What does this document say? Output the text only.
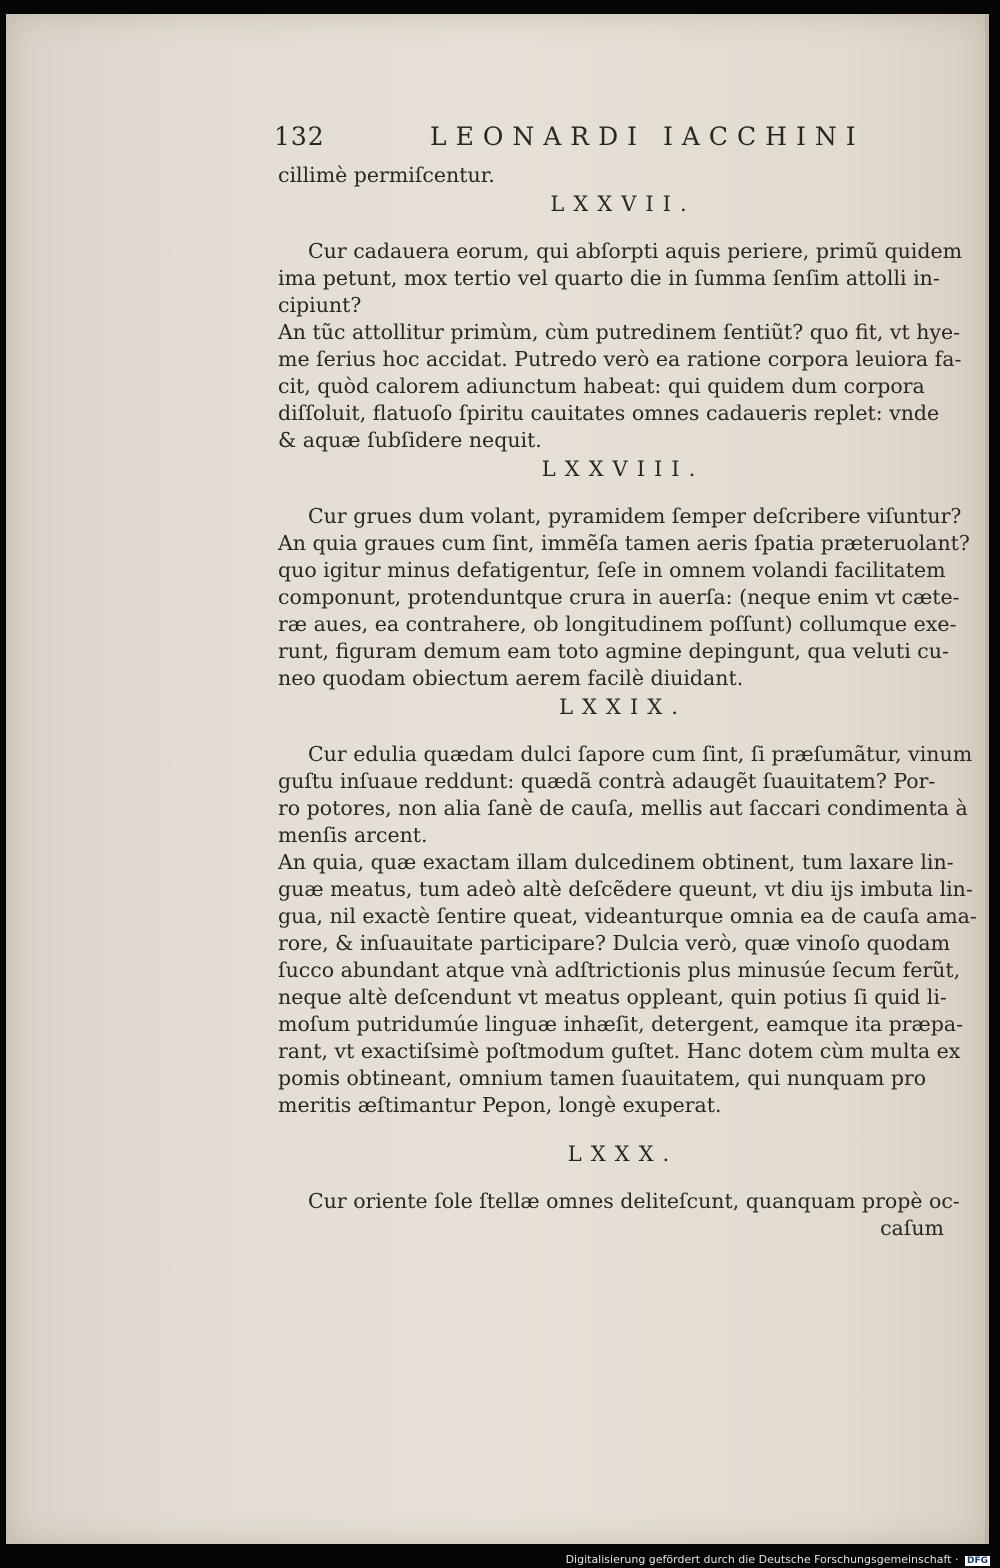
132	LEONARDI IACCHINI
cillimè permiſcentur.
LXXVII.
Cur cadauera eorum, qui abſorpti aquis periere, primũ quidem
ima petunt, mox tertio vel quarto die in ſumma ſenſim attolli in-
cipiunt?
An tũc attollitur primùm, cùm putredinem ſentiũt? quo fit, vt hye-
me ſerius hoc accidat. Putredo verò ea ratione corpora leuiora fa-
cit, quòd calorem adiunctum habeat: qui quidem dum corpora
diſſoluit, flatuoſo ſpiritu cauitates omnes cadaueris replet: vnde
& aquæ ſubſidere nequit.
LXXVIII.
Cur grues dum volant, pyramidem ſemper deſcribere viſuntur?
An quia graues cum ſint, immẽſa tamen aeris ſpatia præteruolant?
quo igitur minus defatigentur, ſeſe in omnem volandi facilitatem
componunt, protenduntque crura in auerſa: (neque enim vt cæte-
ræ aues, ea contrahere, ob longitudinem poſſunt) collumque exe-
runt, figuram demum eam toto agmine depingunt, qua veluti cu-
neo quodam obiectum aerem facilè diuidant.
LXXIX.
Cur edulia quædam dulci ſapore cum ſint, ſi præſumãtur, vinum
guſtu inſuaue reddunt: quædã contrà adaugẽt ſuauitatem? Por-
ro potores, non alia ſanè de cauſa, mellis aut ſaccari condimenta à
menſis arcent.
An quia, quæ exactam illam dulcedinem obtinent, tum laxare lin-
guæ meatus, tum adeò altè deſcẽdere queunt, vt diu ijs imbuta lin-
gua, nil exactè ſentire queat, videanturque omnia ea de cauſa ama-
rore, & inſuauitate participare? Dulcia verò, quæ vinoſo quodam
ſucco abundant atque vnà adſtrictionis plus minusúe ſecum ferũt,
neque altè deſcendunt vt meatus oppleant, quin potius ſi quid li-
moſum putridumúe linguæ inhæſit, detergent, eamque ita præpa-
rant, vt exactiſsimè poſtmodum guſtet. Hanc dotem cùm multa ex
pomis obtineant, omnium tamen ſuauitatem, qui nunquam pro
meritis æſtimantur Pepon, longè exuperat.
LXXX.
Cur oriente ſole ſtellæ omnes deliteſcunt, quanquam propè oc-
caſum
Digitalisierung gefördert durch die Deutsche Forschungsgemeinschaft · DFG
